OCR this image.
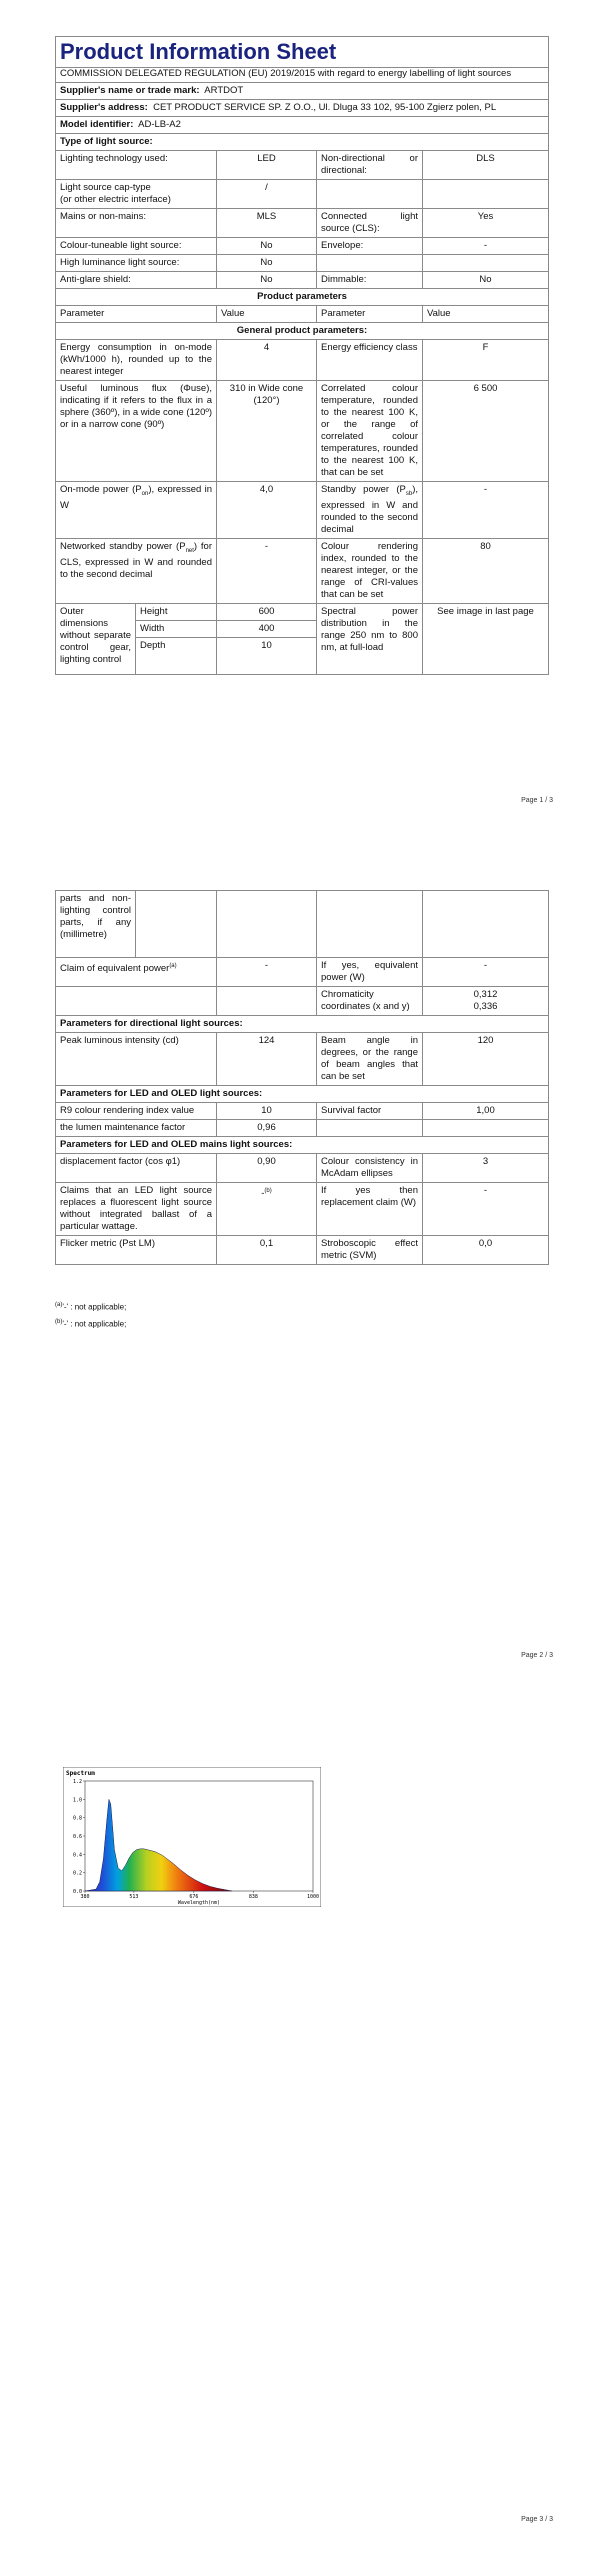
Product Information Sheet				
COMMISSION DELEGATED REGULATION (EU) 2019/2015 with regard to energy labelling of light sources				
Supplier's name or trade mark: ARTDOT				
Supplier's address: CET PRODUCT SERVICE SP. Z O.O., Ul. Dluga 33 102, 95-100 Zgierz polen, PL				
Model identifier: AD-LB-A2				
Type of light source:				
Lighting technology used:		LED	Non-directional or directional:	DLS

Light source cap-type
(or other electric interface)		/		
Mains or non-mains:		MLS	Connected light source (CLS):	Yes
Colour-tuneable light source:		No	Envelope:	-
High luminance light source:		No		
Anti-glare shield:		No	Dimmable:	No
Product parameters				
Parameter		Value	Parameter	Value
General product parameters:				
Energy consumption in on-mode (kWh/1000 h), rounded up to the nearest integer		4	Energy efficiency class	F
Useful luminous flux (Φuse), indicating if it refers to the flux in a sphere (360º), in a wide cone (120º) or in a narrow cone (90º)		310 in Wide cone (120°)	Correlated colour temperature, rounded to the nearest 100 K, or the range of correlated colour temperatures, rounded to the nearest 100 K, that can be set	6 500
On-mode power $(P_{on})$, expressed in W		4,0	Standby power $(P_{sb})$, expressed in W and rounded to the second decimal	-
Networked standby power $(P_{net})$ for CLS, expressed in W and rounded to the second decimal		-	Colour rendering index, rounded to the nearest integer, or the range of CRI-values that can be set	80
Outer dimensions without separate control gear, lighting control	Height	600	Spectral power distribution in the range 250 nm to 800 nm, at full-load	See image in last page
	Width	400		
	Depth	10		
Page 1 / 3
parts and non-lighting control parts, if any (millimetre)				
Claim of equivalent power$^{(a)}$		-	If yes, equivalent power (W)	-
			Chromaticity coordinates (x and y)	0,312
0,336

Parameters for directional light sources:				
Peak luminous intensity (cd)		124	Beam angle in degrees, or the range of beam angles that can be set	120
Parameters for LED and OLED light sources:				
R9 colour rendering index value		10	Survival factor	1,00
the lumen maintenance factor		0,96		
Parameters for LED and OLED mains light sources:				
displacement factor (cos φ1)		0,90	Colour consistency in McAdam ellipses	3
Claims that an LED light source replaces a fluorescent light source without integrated ballast of a particular wattage.		-$^{(b)}$	If yes then replacement claim (W)	-
Flicker metric (Pst LM)		0,1	Stroboscopic effect metric (SVM)	0,0
$^{(a)}$'-' : not applicable;
$^{(b)}$'-' : not applicable;
Page 2 / 3
Spectrum
0.0
0.2
0.4
0.6
0.8
1.0
1.2
380	513	676	838	1000
Wavelength(nm)
Page 3 / 3
